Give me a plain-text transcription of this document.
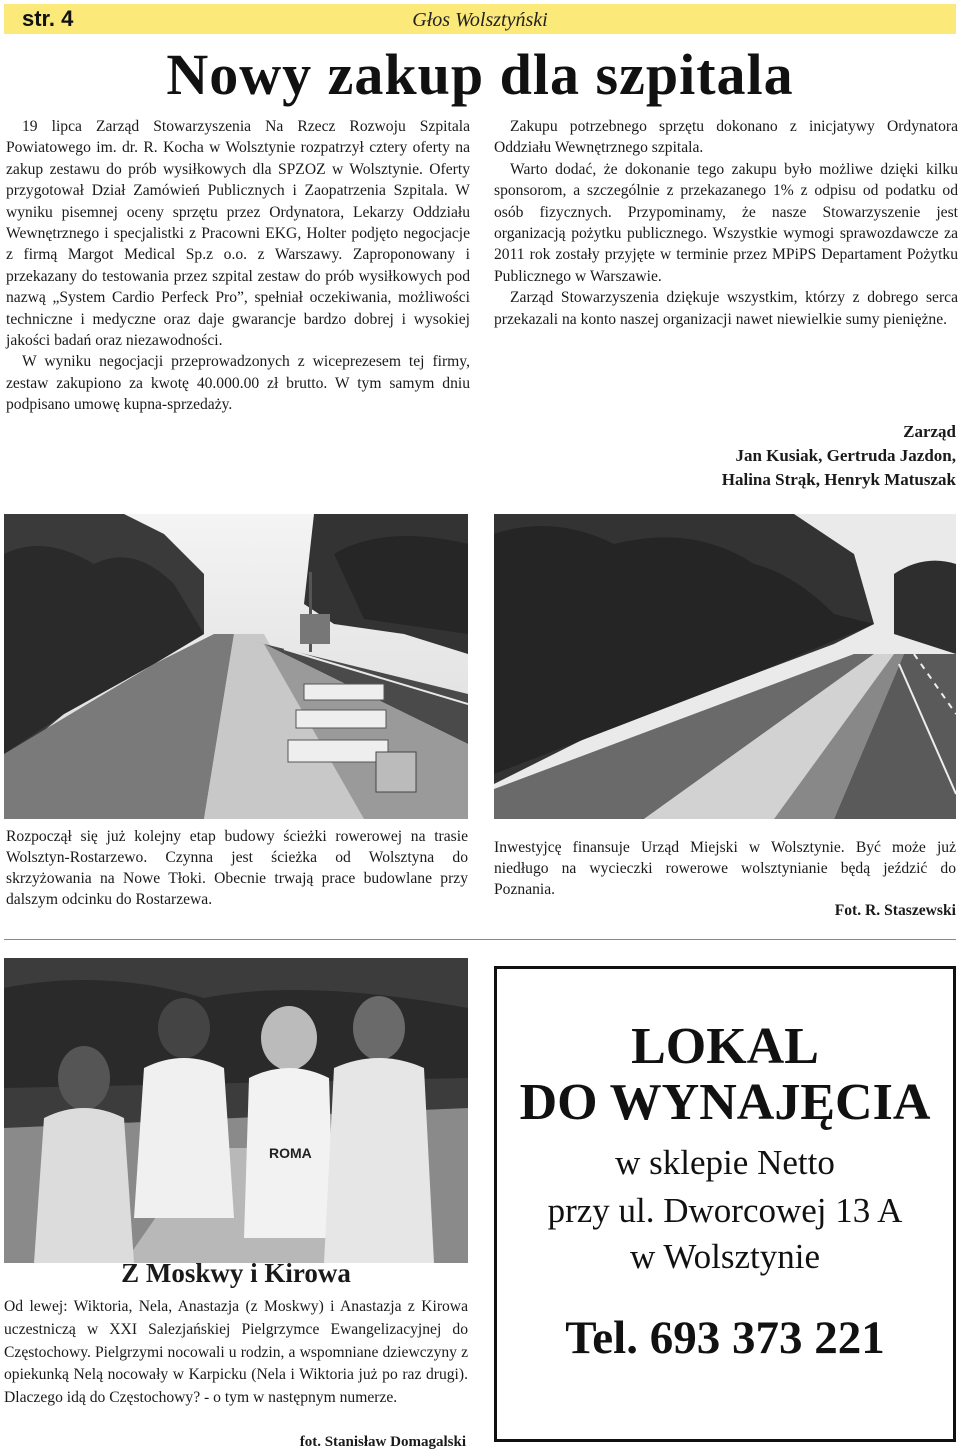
str. 4	Głos Wolsztyński
Nowy zakup dla szpitala

19 lipca Zarząd Stowarzyszenia Na Rzecz Rozwoju Szpitala Powiatowego im. dr. R. Kocha w Wolsztynie rozpatrzył cztery oferty na zakup zestawu do prób wysiłkowych dla SPZOZ w Wolsztynie. Oferty przygotował Dział Zamówień Publicznych i Zaopatrzenia Szpitala. W wyniku pisemnej oceny sprzętu przez Ordynatora, Lekarzy Oddziału Wewnętrznego i specjalistki z Pracowni EKG, Holter podjęto negocjacje z firmą Margot Medical Sp.z o.o. z Warszawy. Zaproponowany i przekazany do testowania przez szpital zestaw do prób wysiłkowych pod nazwą „System Cardio Perfeck Pro”, spełniał oczekiwania, możliwości techniczne i medyczne oraz daje gwarancje bardzo dobrej i wysokiej jakości badań oraz niezawodności.

W wyniku negocjacji przeprowadzonych z wiceprezesem tej firmy, zestaw zakupiono za kwotę 40.000.00 zł brutto. W tym samym dniu podpisano umowę kupna-sprzedaży.

Zakupu potrzebnego sprzętu dokonano z inicjatywy Ordynatora Oddziału Wewnętrznego szpitala.

Warto dodać, że dokonanie tego zakupu było możliwe dzięki kilku sponsorom, a szczególnie z przekazanego 1% z odpisu od podatku od osób fizycznych. Przypominamy, że nasze Stowarzyszenie jest organizacją pożytku publicznego. Wszystkie wymogi sprawozdawcze za 2011 rok zostały przyjęte w terminie przez MPiPS Departament Pożytku Publicznego w Warszawie.

Zarząd Stowarzyszenia dziękuje wszystkim, którzy z dobrego serca przekazali na konto naszej organizacji nawet niewielkie sumy pieniężne.

Zarząd
Jan Kusiak, Gertruda Jazdon,
Halina Strąk, Henryk Matuszak
Rozpoczął się już kolejny etap budowy ścieżki rowerowej na trasie Wolsztyn-Rostarzewo. Czynna jest ścieżka od Wolsztyna do skrzyżowania na Nowe Tłoki. Obecnie trwają prace budowlane przy dalszym odcinku do Rostarzewa.
Inwestyjcę finansuje Urząd Miejski w Wolsztynie. Być może już niedługo na wycieczki rowerowe wolsztynianie będą jeździć do Poznania.
Fot. R. Staszewski
ROMA
Z Moskwy i Kirowa
Od lewej: Wiktoria, Nela, Anastazja (z Moskwy) i Anastazja z Kirowa uczestniczą w XXI Salezjańskiej Pielgrzymce Ewangelizacyjnej do Częstochowy. Pielgrzymi nocowali u rodzin, a wspomniane dziewczyny z opiekunką Nelą nocowały w Karpicku (Nela i Wiktoria już po raz drugi). Dlaczego idą do Częstochowy? - o tym w następnym numerze.
fot. Stanisław Domagalski
LOKAL
DO WYNAJĘCIA
w sklepie Netto
przy ul. Dworcowej 13 A
w Wolsztynie
Tel. 693 373 221
